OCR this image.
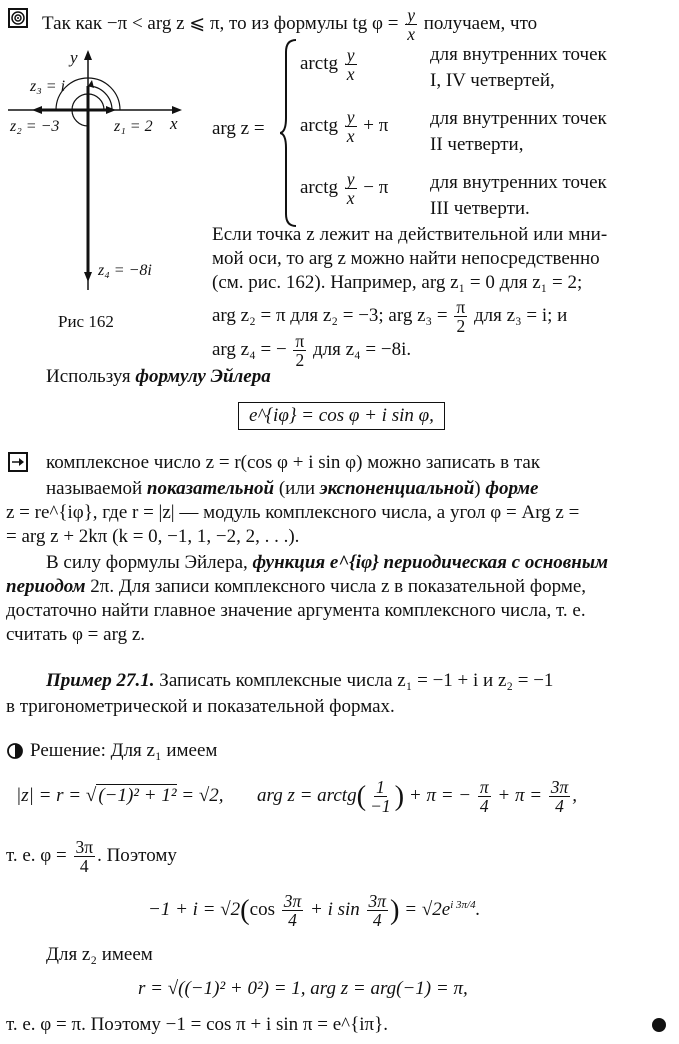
Так как −π < arg z ⩽ π, то из формулы tg $\varphi = \frac{y}{x}$ получаем, что
y
x
z₃ = i
z₂ = −3	z₁ = 2
z₄ = −8i
Рис 162
arg z =
arctg $\frac{y}{x}$	для внутренних точек
I, IV четвертей,
arctg $\frac{y}{x} + \pi$ для внутренних точек
II четверти,
arctg $\frac{y}{x} - \pi$ для внутренних точек
III четверти.
Если точка z лежит на действительной или мни-
мой оси, то arg z можно найти непосредственно
(см. рис. 162). Например, arg z₁ = 0 для z₁ = 2;
arg z₂ = π для z₂ = −3; arg $z_3 = \frac{\pi}{2}$ для z₃ = i; и
arg z₄ = − $\frac{\pi}{2}$ для z₄ = −8i.
Используя формулу Эйлера
e^{iφ} = cos φ + i sin φ,
комплексное число z = r(cos φ + i sin φ) можно записать в так
называемой показательной (или экспоненциальной) форме
z = re^{iφ}, где r = |z| — модуль комплексного числа, а угол φ = Arg z =
= arg z + 2kπ (k = 0, −1, 1, −2, 2, . . .).
В силу формулы Эйлера, функция e^{iφ} периодическая с основным
периодом 2π. Для записи комплексного числа z в показательной форме,
достаточно найти главное значение аргумента комплексного числа, т. е.
считать φ = arg z.
Пример 27.1. Записать комплексные числа z₁ = −1 + i и z₂ = −1
в тригонометрической и показательной формах.
Решение: Для z₁ имеем
|z| = r = √ (−1)² + 1² = √2, arg z = arctg( $\frac{1}{-1}$ ) + π = − $\frac{\pi}{4} + \pi = \frac{3\pi}{4}$ ,
т. е. $\varphi = \frac{3\pi}{4}$ . Поэтому
$-1 + i = √2(\cos \frac{3\pi}{4} + i$ $\sin \frac{3\pi}{4}$ ) = $√2e^{i 3\pi/4}$.
Для z₂ имеем
r = √((−1)² + 0²) = 1, arg z = arg(−1) = π,
т. е. φ = π. Поэтому −1 = cos π + i sin π = e^{iπ}.
